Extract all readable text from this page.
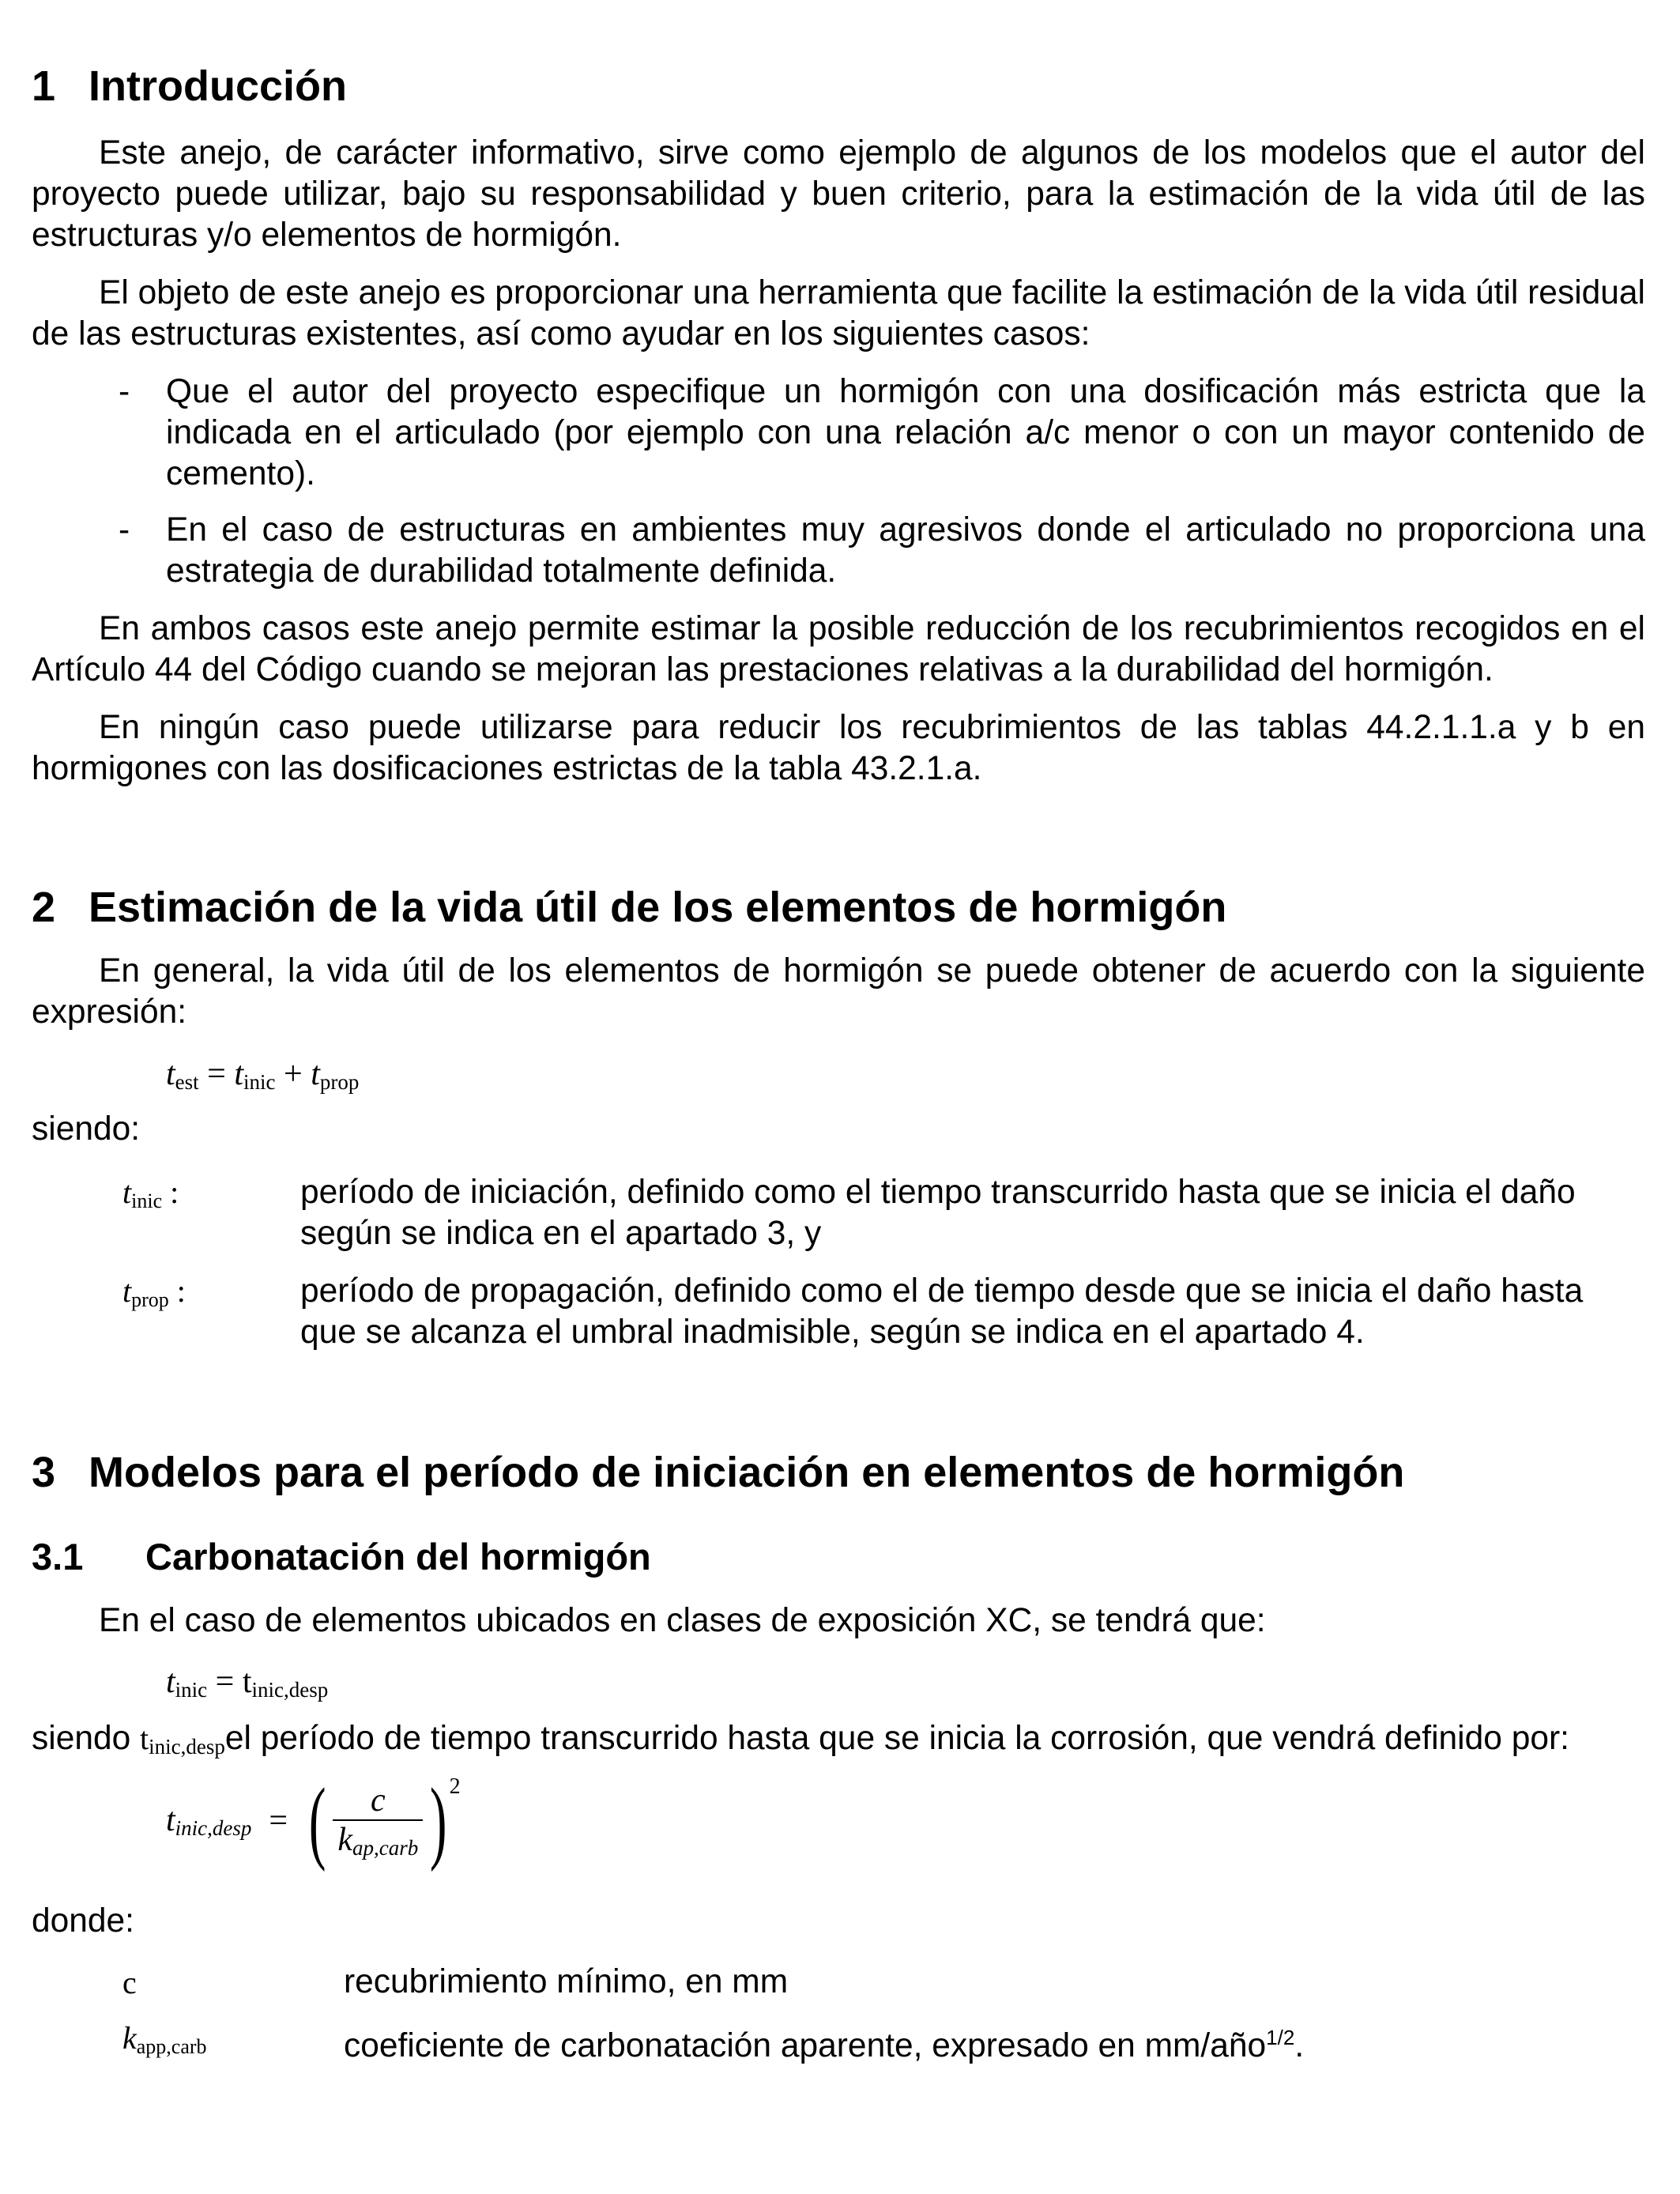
1 Introducción
Este anejo, de carácter informativo, sirve como ejemplo de algunos de los modelos que el autor del proyecto puede utilizar, bajo su responsabilidad y buen criterio, para la estimación de la vida útil de las estructuras y/o elementos de hormigón.
El objeto de este anejo es proporcionar una herramienta que facilite la estimación de la vida útil residual de las estructuras existentes, así como ayudar en los siguientes casos:
- Que el autor del proyecto especifique un hormigón con una dosificación más estricta que la indicada en el articulado (por ejemplo con una relación a/c menor o con un mayor contenido de cemento).
- En el caso de estructuras en ambientes muy agresivos donde el articulado no proporciona una estrategia de durabilidad totalmente definida.
En ambos casos este anejo permite estimar la posible reducción de los recubrimientos recogidos en el Artículo 44 del Código cuando se mejoran las prestaciones relativas a la durabilidad del hormigón.
En ningún caso puede utilizarse para reducir los recubrimientos de las tablas 44.2.1.1.a y b en hormigones con las dosificaciones estrictas de la tabla 43.2.1.a.
2 Estimación de la vida útil de los elementos de hormigón
En general, la vida útil de los elementos de hormigón se puede obtener de acuerdo con la siguiente expresión:
$t_{est} = t_{inic} + t_{prop}$
siendo:
$t_{inic}$ :	período de iniciación, definido como el tiempo transcurrido hasta que se inicia el daño
según se indica en el apartado 3, y
$t_{prop}$ :	período de propagación, definido como el de tiempo desde que se inicia el daño hasta
que se alcanza el umbral inadmisible, según se indica en el apartado 4.
3 Modelos para el período de iniciación en elementos de hormigón
3.1 Carbonatación del hormigón
En el caso de elementos ubicados en clases de exposición XC, se tendrá que:
$t_{inic} = t_{inic,desp}$
siendo $t_{inic,desp}el$ período de tiempo transcurrido hasta que se inicia la corrosión, que vendrá definido por:
$t_{inic,desp}$ = ( $\frac{c}{k_{ap,carb}}$ ) 2
donde:
c	recubrimiento mínimo, en mm
$k_{app,carb}$	coeficiente de carbonatación aparente, expresado en mm/año$^{1/2}$.
